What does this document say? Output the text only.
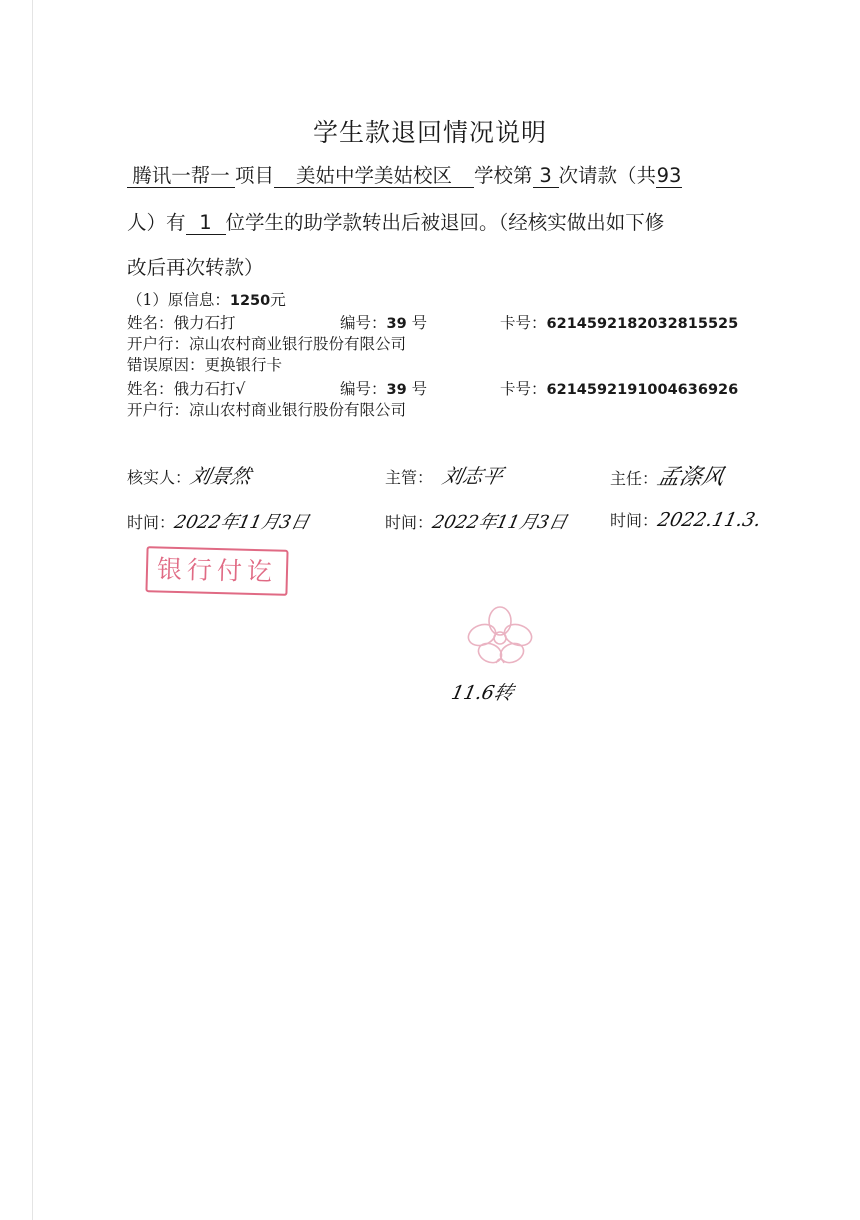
学生款退回情况说明
腾讯一帮一 项目 美姑中学美姑校区 学校第 3 次请款（共93
人）有 1 位学生的助学款转出后被退回。（经核实做出如下修
改后再次转款）
（1）原信息：1250元
姓名：俄力石打	编号：39 号	卡号：6214592182032815525
开户行：凉山农村商业银行股份有限公司
错误原因：更换银行卡
姓名：俄力石打√	编号：39 号	卡号：6214592191004636926
开户行：凉山农村商业银行股份有限公司
核实人：刘景然	主管： 刘志平	主任：孟涤风
时间：2022年11月3日	时间：2022年11月3日	时间：2022.11.3.
银行付讫
11.6转
